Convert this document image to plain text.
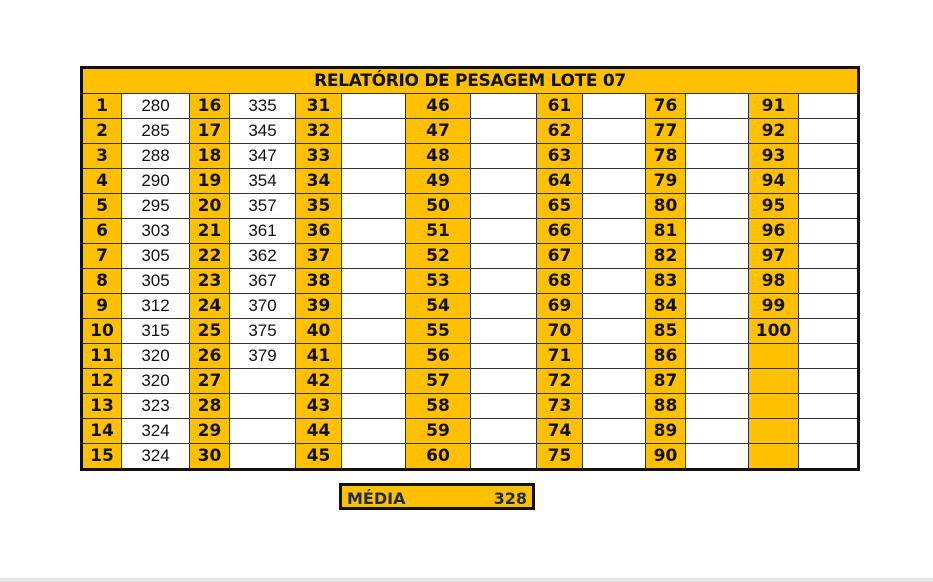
RELATÓRIO DE PESAGEM LOTE 07													
1	280	16	335	31		46		61		76		91	
2	285	17	345	32		47		62		77		92	
3	288	18	347	33		48		63		78		93	
4	290	19	354	34		49		64		79		94	
5	295	20	357	35		50		65		80		95	
6	303	21	361	36		51		66		81		96	
7	305	22	362	37		52		67		82		97	
8	305	23	367	38		53		68		83		98	
9	312	24	370	39		54		69		84		99	
10	315	25	375	40		55		70		85		100	
11	320	26	379	41		56		71		86			
12	320	27		42		57		72		87			
13	323	28		43		58		73		88			
14	324	29		44		59		74		89			
15	324	30		45		60		75		90			
MÉDIA	328
